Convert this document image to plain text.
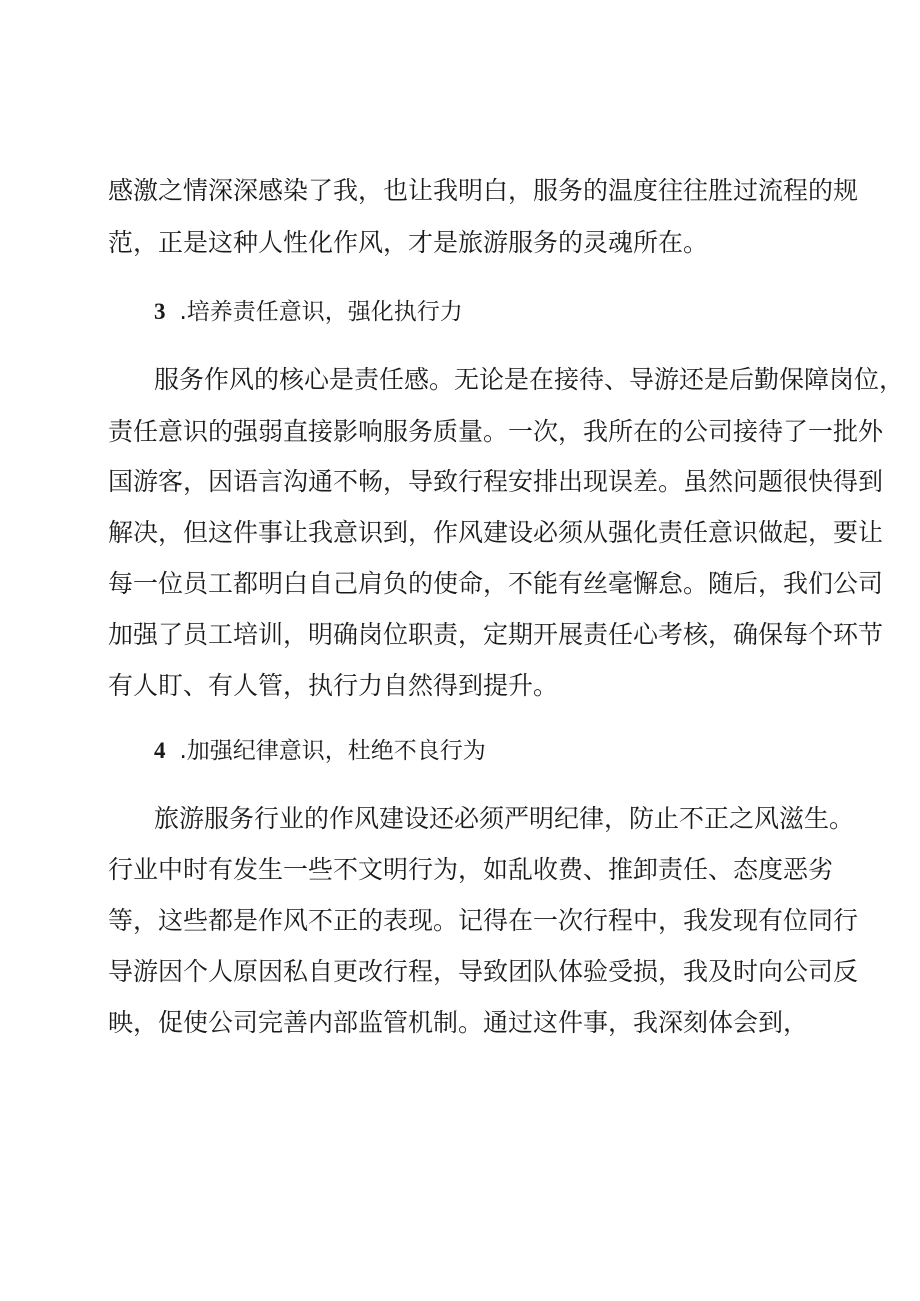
感激之情深深感染了我，也让我明白，服务的温度往往胜过流程的规

范，正是这种人性化作风，才是旅游服务的灵魂所在。

3 .培养责任意识，强化执行力

服务作风的核心是责任感。无论是在接待、导游还是后勤保障岗位，

责任意识的强弱直接影响服务质量。一次，我所在的公司接待了一批外

国游客，因语言沟通不畅，导致行程安排出现误差。虽然问题很快得到

解决，但这件事让我意识到，作风建设必须从强化责任意识做起，要让

每一位员工都明白自己肩负的使命，不能有丝毫懈怠。随后，我们公司

加强了员工培训，明确岗位职责，定期开展责任心考核，确保每个环节

有人盯、有人管，执行力自然得到提升。

4 .加强纪律意识，杜绝不良行为

旅游服务行业的作风建设还必须严明纪律，防止不正之风滋生。

行业中时有发生一些不文明行为，如乱收费、推卸责任、态度恶劣

等，这些都是作风不正的表现。记得在一次行程中，我发现有位同行

导游因个人原因私自更改行程，导致团队体验受损，我及时向公司反

映，促使公司完善内部监管机制。通过这件事，我深刻体会到，
